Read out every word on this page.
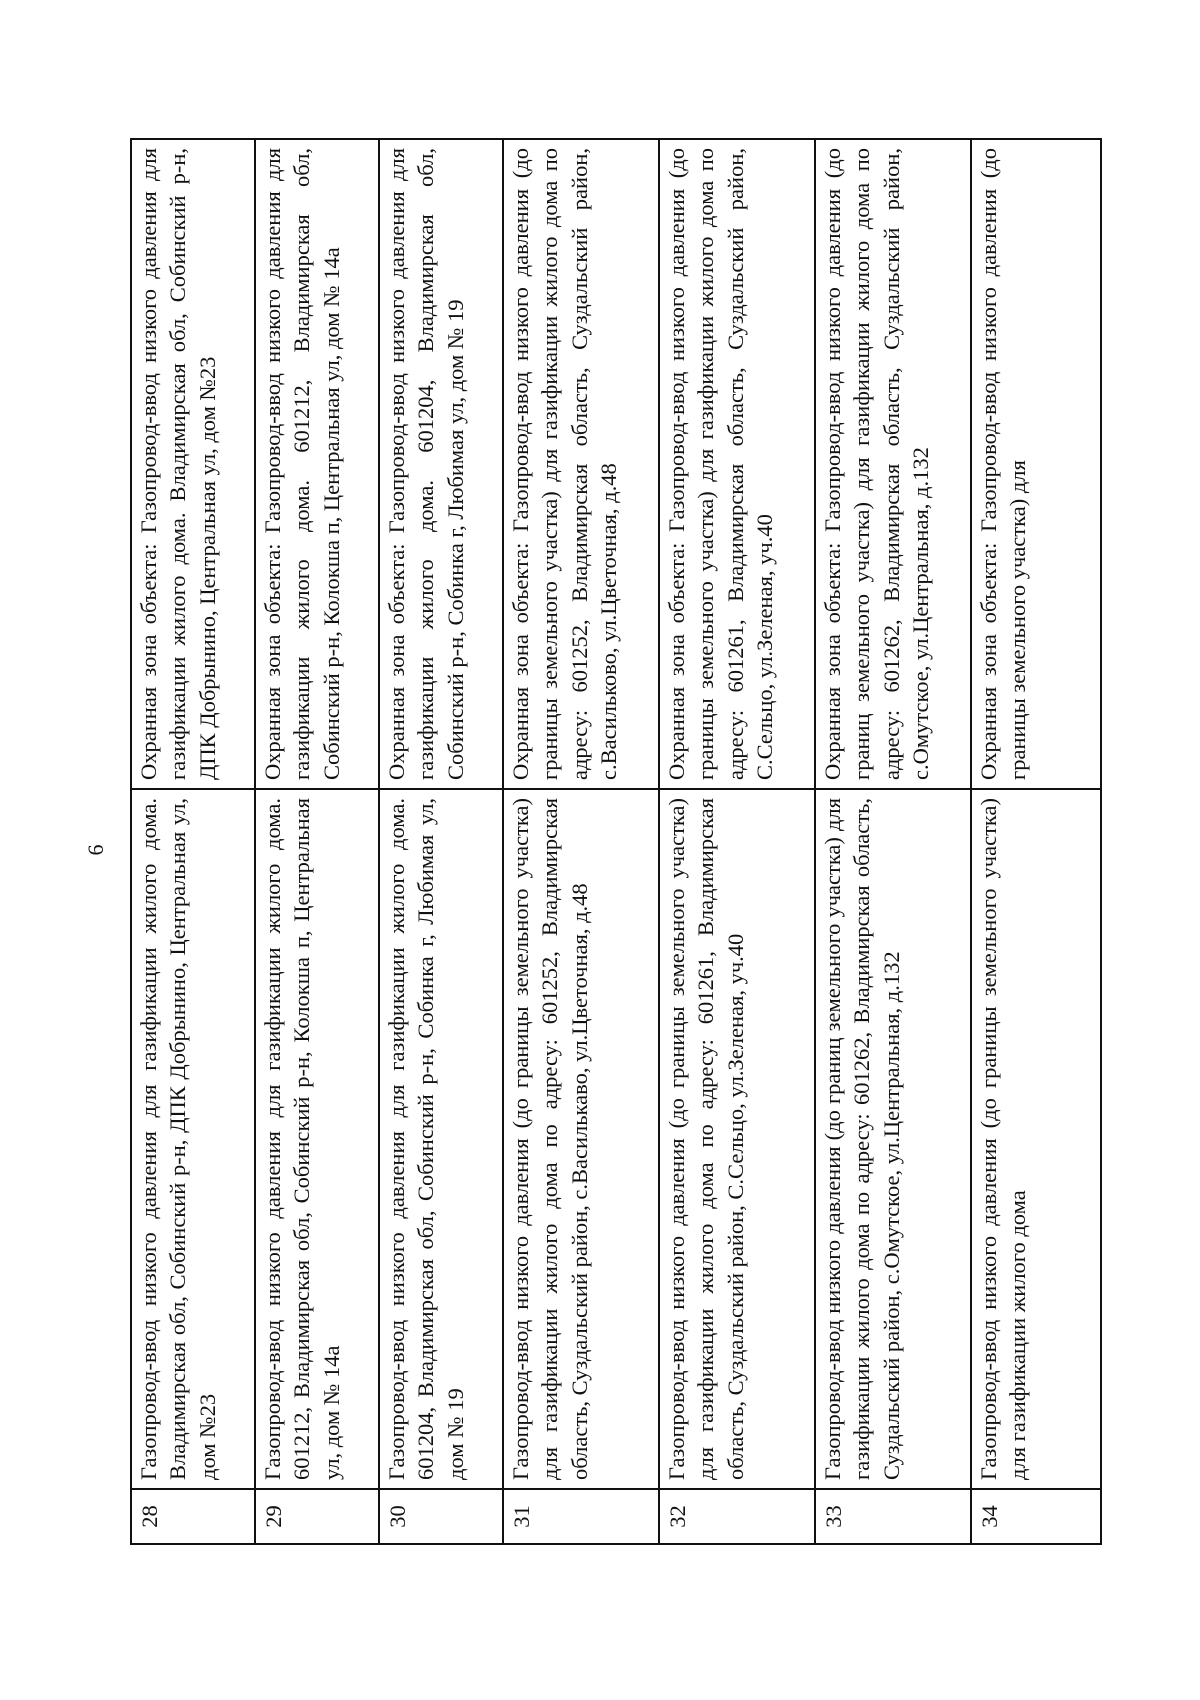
6
28	Газопровод-ввод низкого давления для газификации жилого дома. Владимирская обл, Собинский р-н, ДПК Добрынино, Центральная ул, дом №23	Охранная зона объекта: Газопровод-ввод низкого давления для газификации жилого дома. Владимирская обл, Собинский р-н, ДПК Добрынино, Центральная ул, дом №23
29	Газопровод-ввод низкого давления для газификации жилого дома. 601212, Владимирская обл, Собинский р-н, Колокша п, Центральная ул, дом № 14а	Охранная зона объекта: Газопровод-ввод низкого давления для газификации жилого дома. 601212, Владимирская обл, Собинский р-н, Колокша п, Центральная ул, дом № 14а
30	Газопровод-ввод низкого давления для газификации жилого дома. 601204, Владимирская обл, Собинский р-н, Собинка г, Любимая ул, дом № 19	Охранная зона объекта: Газопровод-ввод низкого давления для газификации жилого дома. 601204, Владимирская обл, Собинский р-н, Собинка г, Любимая ул, дом № 19
31	Газопровод-ввод низкого давления (до границы земельного участка) для газификации жилого дома по адресу: 601252, Владимирская область, Суздальский район, с.Василькаво, ул.Цветочная, д.48	Охранная зона объекта: Газопровод-ввод низкого давления (до границы земельного участка) для газификации жилого дома по адресу: 601252, Владимирская область, Суздальский район, с.Васильково, ул.Цветочная, д.48
32	Газопровод-ввод низкого давления (до границы земельного участка) для газификации жилого дома по адресу: 601261, Владимирская область, Суздальский район, С.Сельцо, ул.Зеленая, уч.40	Охранная зона объекта: Газопровод-ввод низкого давления (до границы земельного участка) для газификации жилого дома по адресу: 601261, Владимирская область, Суздальский район, С.Сельцо, ул.Зеленая, уч.40
33	Газопровод-ввод низкого давления (до границ земельного участка) для газификации жилого дома по адресу: 601262, Владимирская область, Суздальский район, с.Омутское, ул.Центральная, д.132	Охранная зона объекта: Газопровод-ввод низкого давления (до границ земельного участка) для газификации жилого дома по адресу: 601262, Владимирская область, Суздальский район, с.Омутское, ул.Центральная, д.132
34	Газопровод-ввод низкого давления (до границы земельного участка) для газификации жилого дома	Охранная зона объекта: Газопровод-ввод низкого давления (до границы земельного участка) для
